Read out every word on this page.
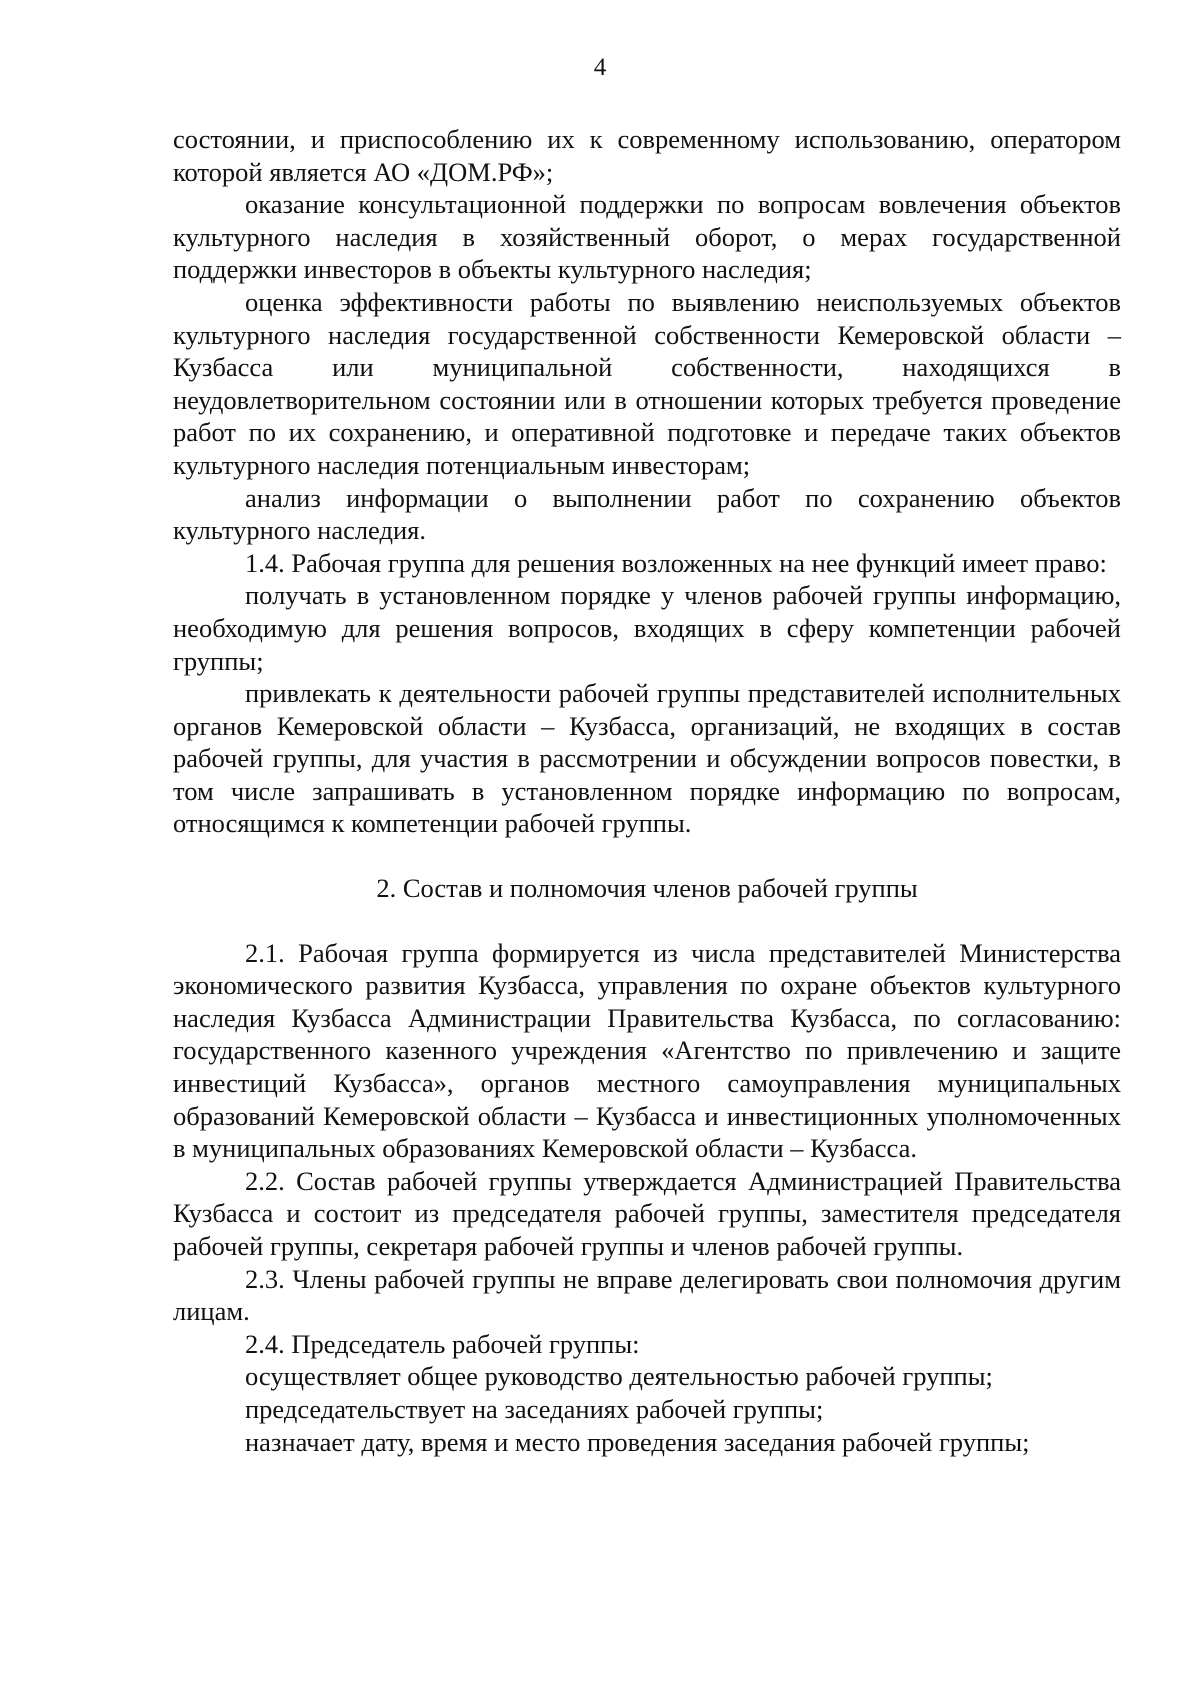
4

состоянии, и приспособлению их к современному использованию, оператором которой является АО «ДОМ.РФ»;

оказание консультационной поддержки по вопросам вовлечения объектов культурного наследия в хозяйственный оборот, о мерах государственной поддержки инвесторов в объекты культурного наследия;

оценка эффективности работы по выявлению неиспользуемых объектов культурного наследия государственной собственности Кемеровской области – Кузбасса или муниципальной собственности, находящихся в неудовлетворительном состоянии или в отношении которых требуется проведение работ по их сохранению, и оперативной подготовке и передаче таких объектов культурного наследия потенциальным инвесторам;

анализ информации о выполнении работ по сохранению объектов культурного наследия.

1.4. Рабочая группа для решения возложенных на нее функций имеет право:

получать в установленном порядке у членов рабочей группы информацию, необходимую для решения вопросов, входящих в сферу компетенции рабочей группы;

привлекать к деятельности рабочей группы представителей исполнительных органов Кемеровской области – Кузбасса, организаций, не входящих в состав рабочей группы, для участия в рассмотрении и обсуждении вопросов повестки, в том числе запрашивать в установленном порядке информацию по вопросам, относящимся к компетенции рабочей группы.

2. Состав и полномочия членов рабочей группы

2.1. Рабочая группа формируется из числа представителей Министерства экономического развития Кузбасса, управления по охране объектов культурного наследия Кузбасса Администрации Правительства Кузбасса, по согласованию: государственного казенного учреждения «Агентство по привлечению и защите инвестиций Кузбасса», органов местного самоуправления муниципальных образований Кемеровской области – Кузбасса и инвестиционных уполномоченных в муниципальных образованиях Кемеровской области – Кузбасса.

2.2. Состав рабочей группы утверждается Администрацией Правительства Кузбасса и состоит из председателя рабочей группы, заместителя председателя рабочей группы, секретаря рабочей группы и членов рабочей группы.

2.3. Члены рабочей группы не вправе делегировать свои полномочия другим лицам.

2.4. Председатель рабочей группы:

осуществляет общее руководство деятельностью рабочей группы;

председательствует на заседаниях рабочей группы;

назначает дату, время и место проведения заседания рабочей группы;
